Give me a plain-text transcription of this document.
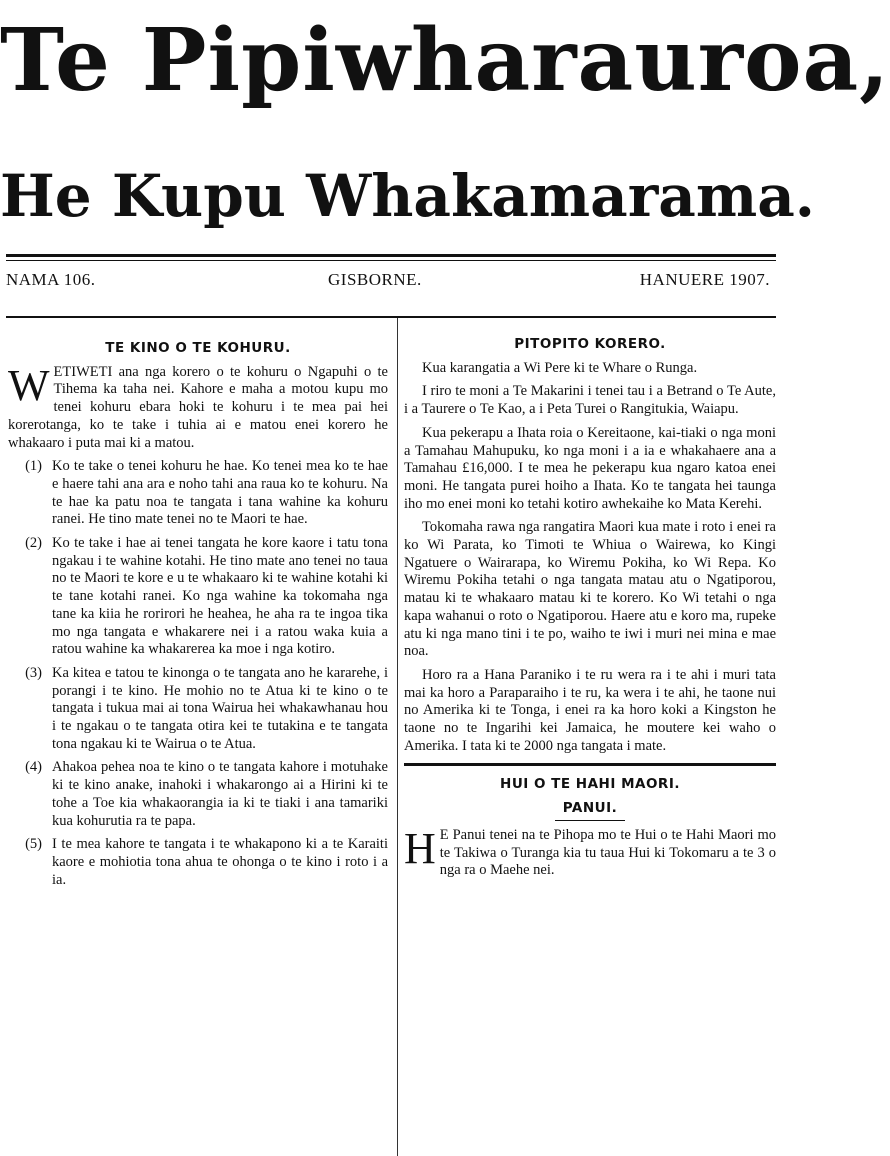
Te Pipiwharauroa,
He Kupu Whakamarama.
NAMA 106.	GISBORNE.	HANUERE 1907.
TE KINO O TE KOHURU.

WETIWETI ana nga korero o te kohuru o Ngapuhi o te Tihema ka taha nei. Kahore e maha a motou kupu mo tenei kohuru ebara hoki te kohuru i te mea pai hei korerotanga, ko te take i tuhia ai e matou enei korero he whakaaro i puta mai ki a matou.

(1) Ko te take o tenei kohuru he hae. Ko tenei mea ko te hae e haere tahi ana ara e noho tahi ana raua ko te kohuru. Na te hae ka patu noa te tangata i tana wahine ka kohuru ranei. He tino mate tenei no te Maori te hae.
(2) Ko te take i hae ai tenei tangata he kore kaore i tatu tona ngakau i te wahine kotahi. He tino mate ano tenei no taua no te Maori te kore e u te whakaaro ki te wahine kotahi ki te tane kotahi ranei. Ko nga wahine ka tokomaha nga tane ka kiia he rorirori he heahea, he aha ra te ingoa tika mo nga tangata e whakarere nei i a ratou waka kuia a ratou wahine ka whakarerea ka moe i nga kotiro.
(3) Ka kitea e tatou te kinonga o te tangata ano he kararehe, i porangi i te kino. He mohio no te Atua ki te kino o te tangata i tukua mai ai tona Wairua hei whakawhanau hou i te ngakau o te tangata otira kei te tutakina e te tangata tona ngakau ki te Wairua o te Atua.
(4) Ahakoa pehea noa te kino o te tangata kahore i motuhake ki te kino anake, inahoki i whakarongo ai a Hirini ki te tohe a Toe kia whakaorangia ia ki te tiaki i ana tamariki kua kohurutia ra te papa.
(5) I te mea kahore te tangata i te whakapono ki a te Karaiti kaore e mohiotia tona ahua te ohonga o te kino i roto i a ia.
PITOPITO KORERO.

Kua karangatia a Wi Pere ki te Whare o Runga.

I riro te moni a Te Makarini i tenei tau i a Betrand o Te Aute, i a Taurere o Te Kao, a i Peta Turei o Rangitukia, Waiapu.

Kua pekerapu a Ihata roia o Kereitaone, kai-tiaki o nga moni a Tamahau Mahupuku, ko nga moni i a ia e whakahaere ana a Tamahau £16,000. I te mea he pekerapu kua ngaro katoa enei moni. He tangata purei hoiho a Ihata. Ko te tangata hei taunga iho mo enei moni ko tetahi kotiro awhekaihe ko Mata Kerehi.

Tokomaha rawa nga rangatira Maori kua mate i roto i enei ra ko Wi Parata, ko Timoti te Whiua o Wairewa, ko Kingi Ngatuere o Wairarapa, ko Wiremu Pokiha, ko Wi Repa. Ko Wiremu Pokiha tetahi o nga tangata matau atu o Ngatiporou, matau ki te whakaaro matau ki te korero. Ko Wi tetahi o nga kapa wahanui o roto o Ngatiporou. Haere atu e koro ma, rupeke atu ki nga mano tini i te po, waiho te iwi i muri nei mina e mae noa.

Horo ra a Hana Paraniko i te ru wera ra i te ahi i muri tata mai ka horo a Paraparaiho i te ru, ka wera i te ahi, he taone nui no Amerika ki te Tonga, i enei ra ka horo koki a Kingston he taone no te Ingarihi kei Jamaica, he moutere kei waho o Amerika. I tata ki te 2000 nga tangata i mate.

HUI O TE HAHI MAORI.
PANUI.

H E Panui tenei na te Pihopa mo te Hui o te Hahi Maori mo te Takiwa o Turanga kia tu taua Hui ki Tokomaru a te 3 o nga ra o Maehe nei.
